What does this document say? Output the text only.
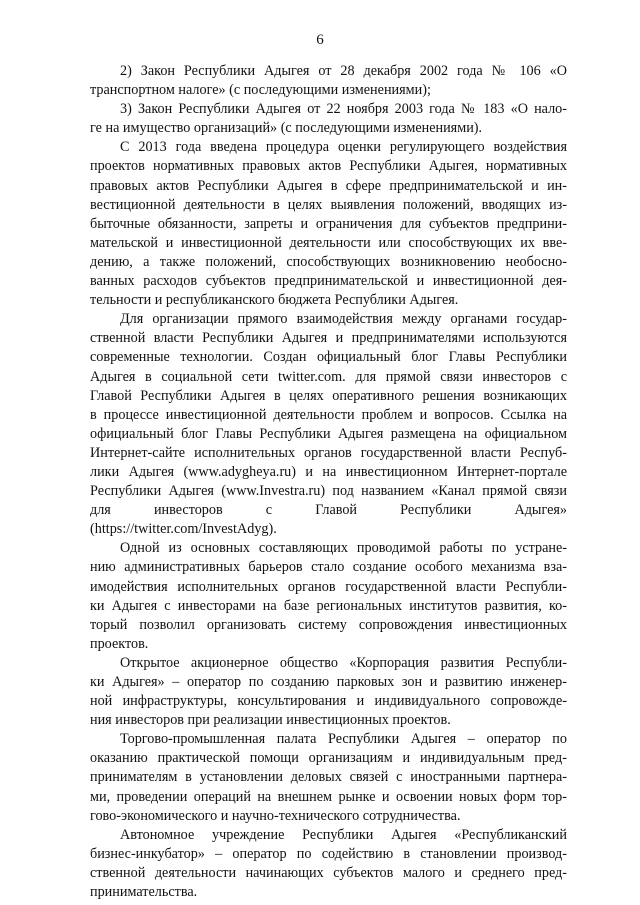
6

2) Закон Республики Адыгея от 28 декабря 2002 года № 106 «О
транспортном налоге» (с последующими изменениями);

3) Закон Республики Адыгея от 22 ноября 2003 года № 183 «О нало-
ге на имущество организаций» (с последующими изменениями).

С 2013 года введена процедура оценки регулирующего воздействия
проектов нормативных правовых актов Республики Адыгея, нормативных
правовых актов Республики Адыгея в сфере предпринимательской и ин-
вестиционной деятельности в целях выявления положений, вводящих из-
быточные обязанности, запреты и ограничения для субъектов предприни-
мательской и инвестиционной деятельности или способствующих их вве-
дению, а также положений, способствующих возникновению необосно-
ванных расходов субъектов предпринимательской и инвестиционной дея-
тельности и республиканского бюджета Республики Адыгея.

Для организации прямого взаимодействия между органами государ-
ственной власти Республики Адыгея и предпринимателями используются
современные технологии. Создан официальный блог Главы Республики
Адыгея в социальной сети twitter.com. для прямой связи инвесторов с
Главой Республики Адыгея в целях оперативного решения возникающих
в процессе инвестиционной деятельности проблем и вопросов. Ссылка на
официальный блог Главы Республики Адыгея размещена на официальном
Интернет-сайте исполнительных органов государственной власти Респуб-
лики Адыгея (www.adygheya.ru) и на инвестиционном Интернет-портале
Республики Адыгея (www.Investra.ru) под названием «Канал прямой связи
для инвесторов с Главой Республики Адыгея»
(https://twitter.com/InvestAdyg).

Одной из основных составляющих проводимой работы по устране-
нию административных барьеров стало создание особого механизма вза-
имодействия исполнительных органов государственной власти Республи-
ки Адыгея с инвесторами на базе региональных институтов развития, ко-
торый позволил организовать систему сопровождения инвестиционных
проектов.

Открытое акционерное общество «Корпорация развития Республи-
ки Адыгея» – оператор по созданию парковых зон и развитию инженер-
ной инфраструктуры, консультирования и индивидуального сопровожде-
ния инвесторов при реализации инвестиционных проектов.

Торгово-промышленная палата Республики Адыгея – оператор по
оказанию практической помощи организациям и индивидуальным пред-
принимателям в установлении деловых связей с иностранными партнера-
ми, проведении операций на внешнем рынке и освоении новых форм тор-
гово-экономического и научно-технического сотрудничества.

Автономное учреждение Республики Адыгея «Республиканский
бизнес-инкубатор» – оператор по содействию в становлении производ-
ственной деятельности начинающих субъектов малого и среднего пред-
принимательства.
